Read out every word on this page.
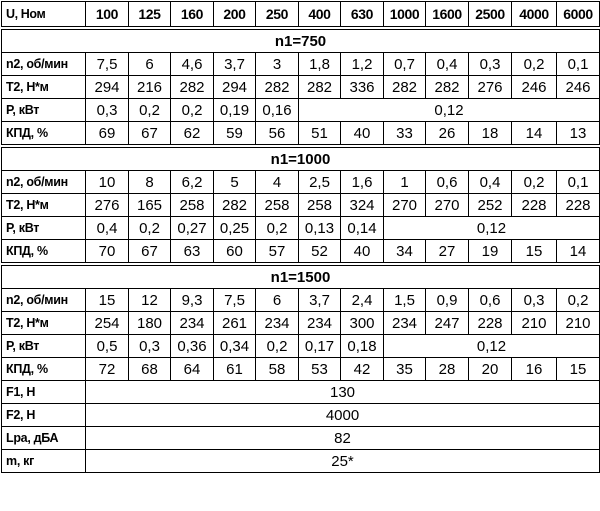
U, Ном	100	125	160	200	250	400	630	1000	1600	2500	4000	6000

n1=750												
n2, об/мин	7,5	6	4,6	3,7	3	1,8	1,2	0,7	0,4	0,3	0,2	0,1
T2, Н*м	294	216	282	294	282	282	336	282	282	276	246	246
P, кВт	0,3	0,2	0,2	0,19	0,16	0,12						
КПД, %	69	67	62	59	56	51	40	33	26	18	14	13

n1=1000												
n2, об/мин	10	8	6,2	5	4	2,5	1,6	1	0,6	0,4	0,2	0,1
T2, Н*м	276	165	258	282	258	258	324	270	270	252	228	228
P, кВт	0,4	0,2	0,27	0,25	0,2	0,13	0,14	0,12				
КПД, %	70	67	63	60	57	52	40	34	27	19	15	14

n1=1500												
n2, об/мин	15	12	9,3	7,5	6	3,7	2,4	1,5	0,9	0,6	0,3	0,2
T2, Н*м	254	180	234	261	234	234	300	234	247	228	210	210
P, кВт	0,5	0,3	0,36	0,34	0,2	0,17	0,18	0,12				
КПД, %	72	68	64	61	58	53	42	35	28	20	16	15
F1, Н	130											
F2, Н	4000											
Lpa, дБА	82											
m, кг	25*											
